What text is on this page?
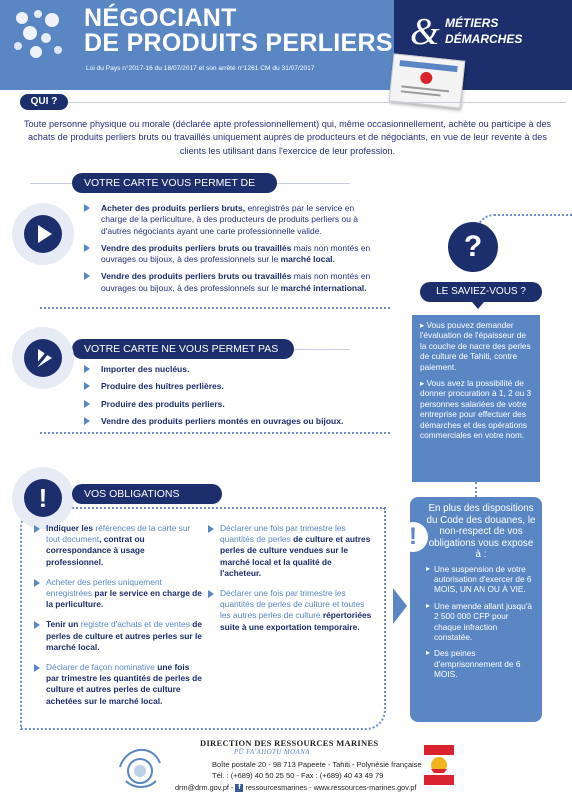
NÉGOCIANT
DE PRODUITS PERLIERS
Loi du Pays n°2017-16 du 18/07/2017 et son arrêté n°1261 CM du 31/07/2017
& MÉTIERS
DÉMARCHES
QUI ?
Toute personne physique ou morale (déclarée apte professionnellement) qui, même occasionnellement, achète ou participe à des achats de produits perliers bruts ou travaillés uniquement auprès de producteurs et de négociants, en vue de leur revente à des clients les utilisant dans l'exercice de leur profession.
VOTRE CARTE VOUS PERMET DE
Acheter des produits perliers bruts, enregistrés par le service en charge de la perliculture, à des producteurs de produits perliers ou à d'autres négociants ayant une carte professionnelle valide.
Vendre des produits perliers bruts ou travaillés mais non montés en ouvrages ou bijoux, à des professionnels sur le marché local.
Vendre des produits perliers bruts ou travaillés mais non montés en ouvrages ou bijoux, à des professionnels sur le marché international.
VOTRE CARTE NE VOUS PERMET PAS DE Importer des nucléus.
Produire des huîtres perlières.
Produire des produits perliers.
Vendre des produits perliers montés en ouvrages ou bijoux.
!	VOS OBLIGATIONS
Indiquer les références de la carte sur tout document, contrat ou correspondance à usage professionnel.
Acheter des perles uniquement enregistrées par le service en charge de la perliculture.
Tenir un registre d'achats et de ventes de perles de culture et autres perles sur le marché local.
Déclarer de façon nominative une fois par trimestre les quantités de perles de culture et autres perles de culture achetées sur le marché local.
Déclarer une fois par trimestre les quantités de perles de culture et autres perles de culture vendues sur le marché local et la qualité de l'acheteur.
Déclarer une fois par trimestre les quantités de perles de culture et toutes les autres perles de culture répertoriées suite à une exportation temporaire.
?
LE SAVIEZ-VOUS ?

▸ Vous pouvez demander l'évaluation de l'épaisseur de la couche de nacre des perles de culture de Tahiti, contre paiement.

▸ Vous avez la possibilité de donner procuration à 1, 2 ou 3 personnes salariées de votre entreprise pour effectuer des démarches et des opérations commerciales en votre nom.

En plus des dispositions du Code des douanes, le non-respect de vos obligations vous expose à :
▸ Une suspension de votre autorisation d'exercer de 6 MOIS, UN AN OU À VIE.
▸ Une amende allant jusqu'à 2 500 000 CFP pour chaque infraction constatée.
▸ Des peines d'emprisonnement de 6 MOIS.
!
DIRECTION DES RESSOURCES MARINES
PŪ FA'AHOTU MOANA
Boîte postale 20 - 98 713 Papeete - Tahiti - Polynésie française
Tél. : (+689) 40 50 25 50 - Fax : (+689) 40 43 49 79
drm@drm.gov.pf - f ressourcesmarines - www.ressources-marines.gov.pf
